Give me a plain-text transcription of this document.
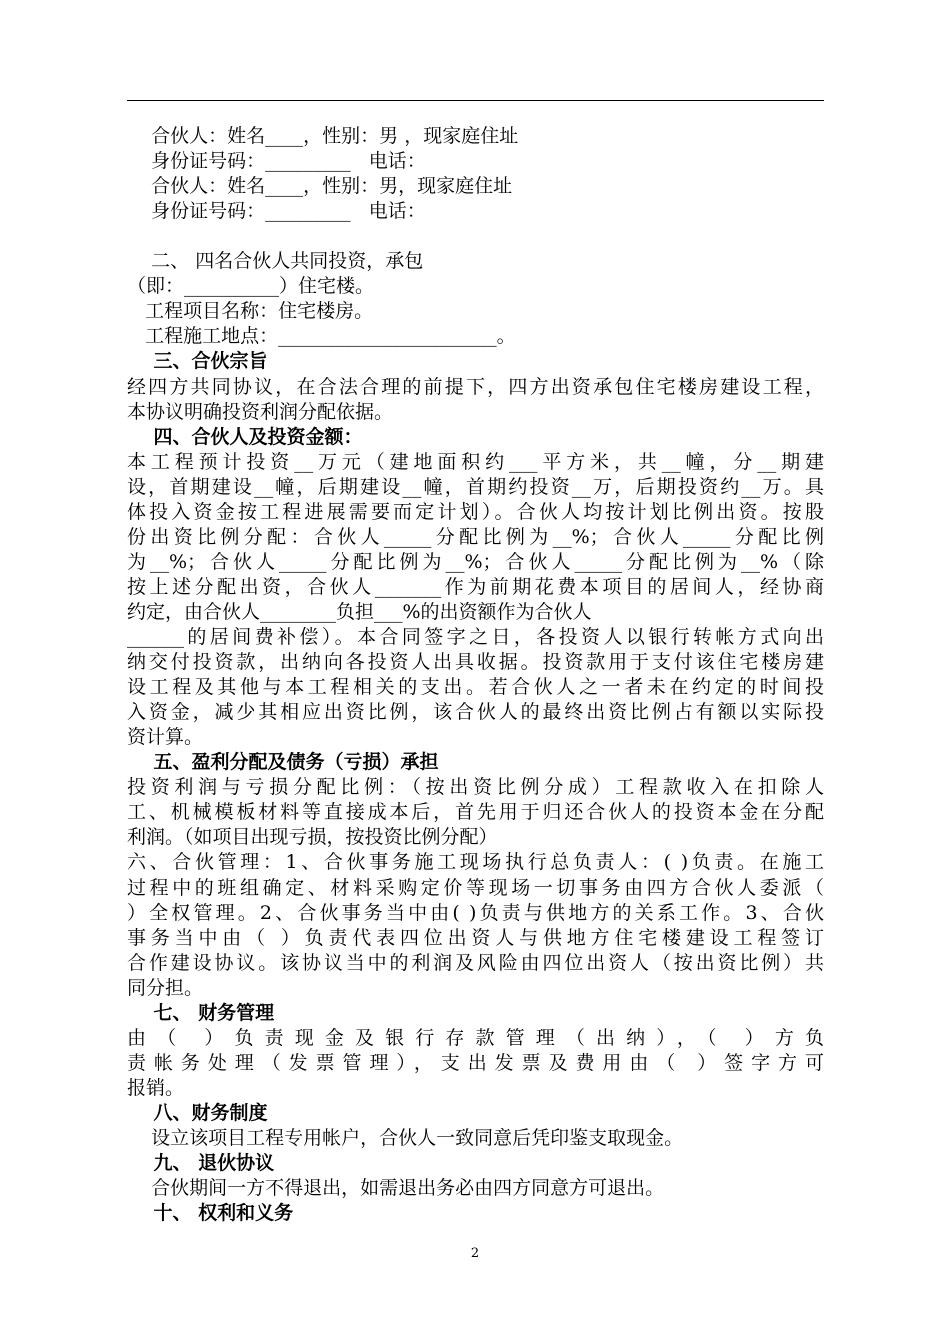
合伙人：姓名____，性别：男 ，现家庭住址
身份证号码：_________   电话：
合伙人：姓名____，性别：男，现家庭住址
身份证号码：_________   电话：
二、 四名合伙人共同投资，承包
（即：__________）住宅楼。
工程项目名称：住宅楼房。
工程施工地点：_______________________。
三、合伙宗旨
经四方共同协议，在合法合理的前提下，四方出资承包住宅楼房建设工程，
本协议明确投资利润分配依据。
四、合伙人及投资金额：
本工程预计投资__万元（建地面积约___平方米，共__幢，分__期建
设，首期建设__幢，后期建设__幢，首期约投资__万，后期投资约__万。具
体投入资金按工程进展需要而定计划）。合伙人均按计划比例出资。按股
份出资比例分配：合伙人_____分配比例为__%；合伙人_____分配比例
为__%；合伙人_____分配比例为__%；合伙人_____分配比例为__%（除
按上述分配出资，合伙人_______作为前期花费本项目的居间人，经协商
约定，由合伙人________负担___%的出资额作为合伙人
______的居间费补偿）。本合同签字之日，各投资人以银行转帐方式向出
纳交付投资款，出纳向各投资人出具收据。投资款用于支付该住宅楼房建
设工程及其他与本工程相关的支出。若合伙人之一者未在约定的时间投
入资金，减少其相应出资比例，该合伙人的最终出资比例占有额以实际投
资计算。
五、盈利分配及债务（亏损）承担
投资利润与亏损分配比例：（按出资比例分成）工程款收入在扣除人
工、机械模板材料等直接成本后，首先用于归还合伙人的投资本金在分配
利润。（如项目出现亏损，按投资比例分配）
六、合伙管理：1、合伙事务施工现场执行总负责人：( )负责。在施工
过程中的班组确定、材料采购定价等现场一切事务由四方合伙人委派（
）全权管理。2、合伙事务当中由( )负责与供地方的关系工作。3、合伙
事务当中由（ ）负责代表四位出资人与供地方住宅楼建设工程签订
合作建设协议。该协议当中的利润及风险由四位出资人（按出资比例）共
同分担。
七、 财务管理
由（ ）负责现金及银行存款管理（出纳），（ ）方负
责帐务处理（发票管理），支出发票及费用由（ ）签字方可
报销。
八、财务制度
设立该项目工程专用帐户，合伙人一致同意后凭印鉴支取现金。
九、 退伙协议
合伙期间一方不得退出，如需退出务必由四方同意方可退出。
十、 权利和义务
2
